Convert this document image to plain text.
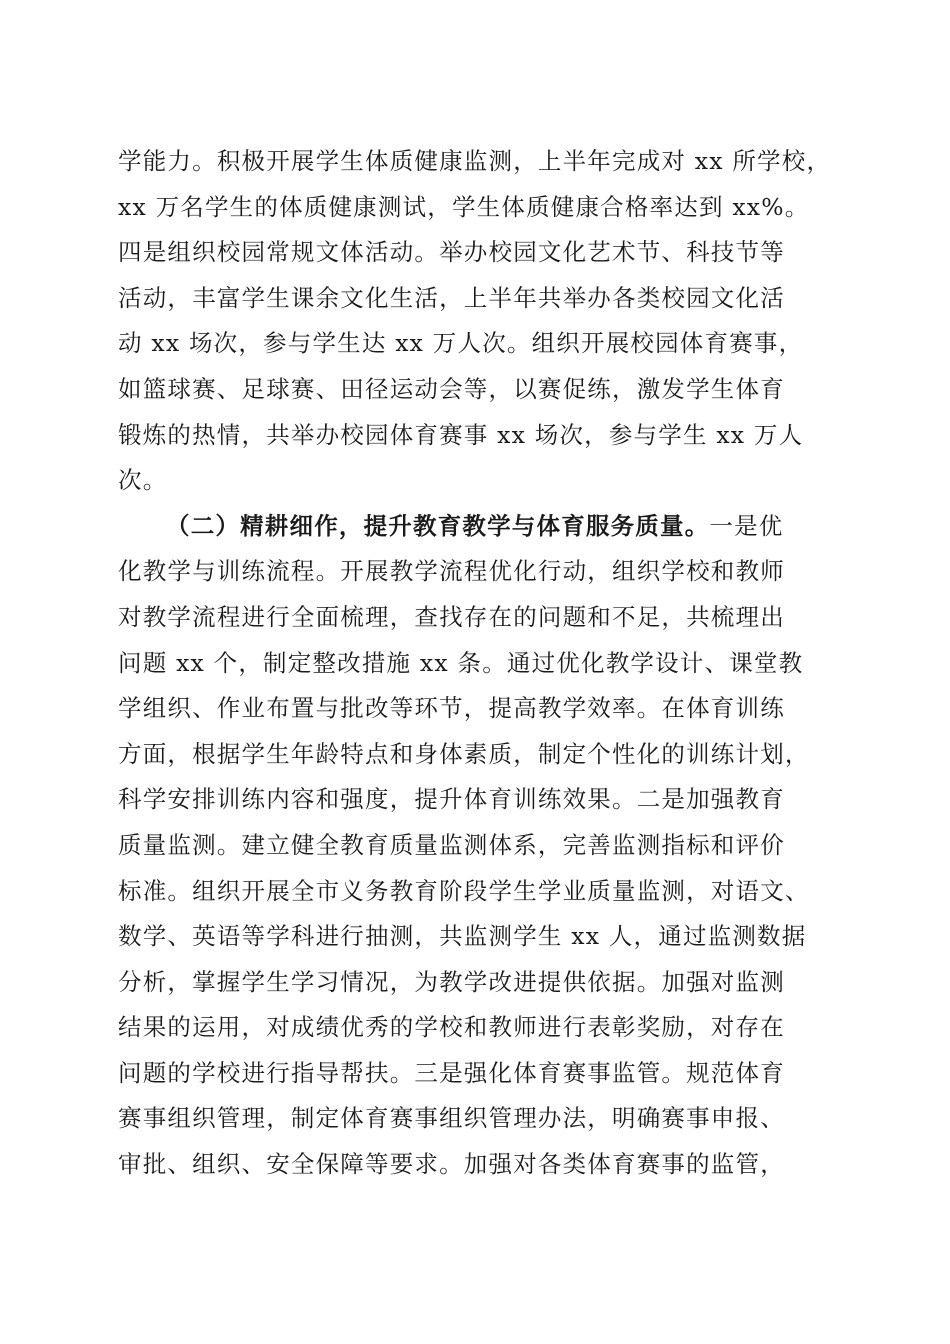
学能力。积极开展学生体质健康监测，上半年完成对 xx 所学校，
xx 万名学生的体质健康测试，学生体质健康合格率达到 xx%。
四是组织校园常规文体活动。举办校园文化艺术节、科技节等
活动，丰富学生课余文化生活，上半年共举办各类校园文化活
动 xx 场次，参与学生达 xx 万人次。组织开展校园体育赛事，
如篮球赛、足球赛、田径运动会等，以赛促练，激发学生体育
锻炼的热情，共举办校园体育赛事 xx 场次，参与学生 xx 万人
次。
（二）精耕细作，提升教育教学与体育服务质量。一是优
化教学与训练流程。开展教学流程优化行动，组织学校和教师
对教学流程进行全面梳理，查找存在的问题和不足，共梳理出
问题 xx 个，制定整改措施 xx 条。通过优化教学设计、课堂教
学组织、作业布置与批改等环节，提高教学效率。在体育训练
方面，根据学生年龄特点和身体素质，制定个性化的训练计划，
科学安排训练内容和强度，提升体育训练效果。二是加强教育
质量监测。建立健全教育质量监测体系，完善监测指标和评价
标准。组织开展全市义务教育阶段学生学业质量监测，对语文、
数学、英语等学科进行抽测，共监测学生 xx 人，通过监测数据
分析，掌握学生学习情况，为教学改进提供依据。加强对监测
结果的运用，对成绩优秀的学校和教师进行表彰奖励，对存在
问题的学校进行指导帮扶。三是强化体育赛事监管。规范体育
赛事组织管理，制定体育赛事组织管理办法，明确赛事申报、
审批、组织、安全保障等要求。加强对各类体育赛事的监管，
